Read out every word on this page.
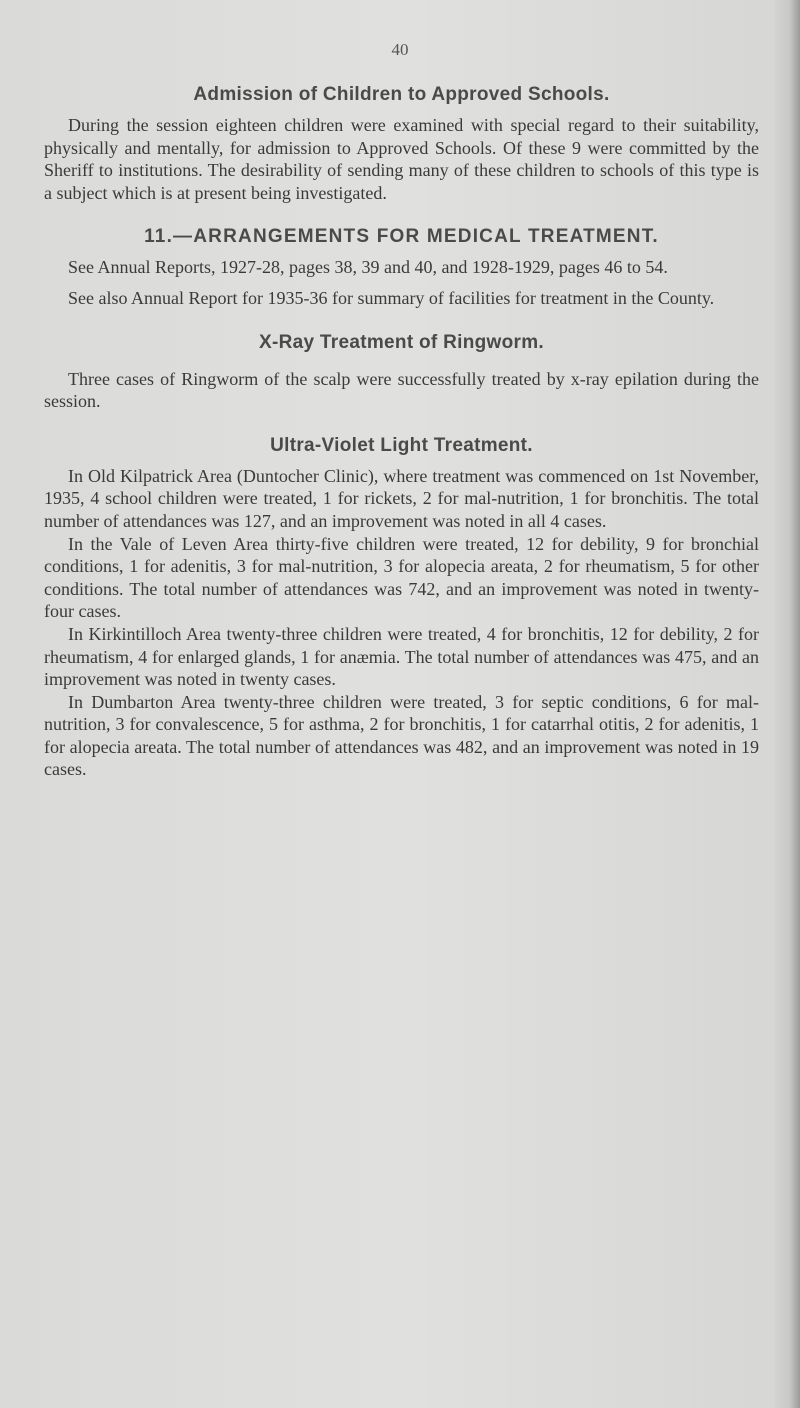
40
Admission of Children to Approved Schools.

During the session eighteen children were examined with special regard to their suitability, physically and mentally, for admission to Approved Schools. Of these 9 were committed by the Sheriff to institutions. The desirability of sending many of these children to schools of this type is a subject which is at present being investigated.

11.—ARRANGEMENTS FOR MEDICAL TREATMENT.

See Annual Reports, 1927-28, pages 38, 39 and 40, and 1928-1929, pages 46 to 54.

See also Annual Report for 1935-36 for summary of facilities for treatment in the County.

X-Ray Treatment of Ringworm.

Three cases of Ringworm of the scalp were successfully treated by x-ray epilation during the session.

Ultra-Violet Light Treatment.

In Old Kilpatrick Area (Duntocher Clinic), where treatment was commenced on 1st November, 1935, 4 school children were treated, 1 for rickets, 2 for mal-nutrition, 1 for bronchitis. The total number of attendances was 127, and an improvement was noted in all 4 cases.

In the Vale of Leven Area thirty-five children were treated, 12 for debility, 9 for bronchial conditions, 1 for adenitis, 3 for mal-nutrition, 3 for alopecia areata, 2 for rheumatism, 5 for other conditions. The total number of attendances was 742, and an improvement was noted in twenty-four cases.

In Kirkintilloch Area twenty-three children were treated, 4 for bronchitis, 12 for debility, 2 for rheumatism, 4 for enlarged glands, 1 for anæmia. The total number of attendances was 475, and an improvement was noted in twenty cases.

In Dumbarton Area twenty-three children were treated, 3 for septic conditions, 6 for mal-nutrition, 3 for convalescence, 5 for asthma, 2 for bronchitis, 1 for catarrhal otitis, 2 for adenitis, 1 for alopecia areata. The total number of attendances was 482, and an improvement was noted in 19 cases.
